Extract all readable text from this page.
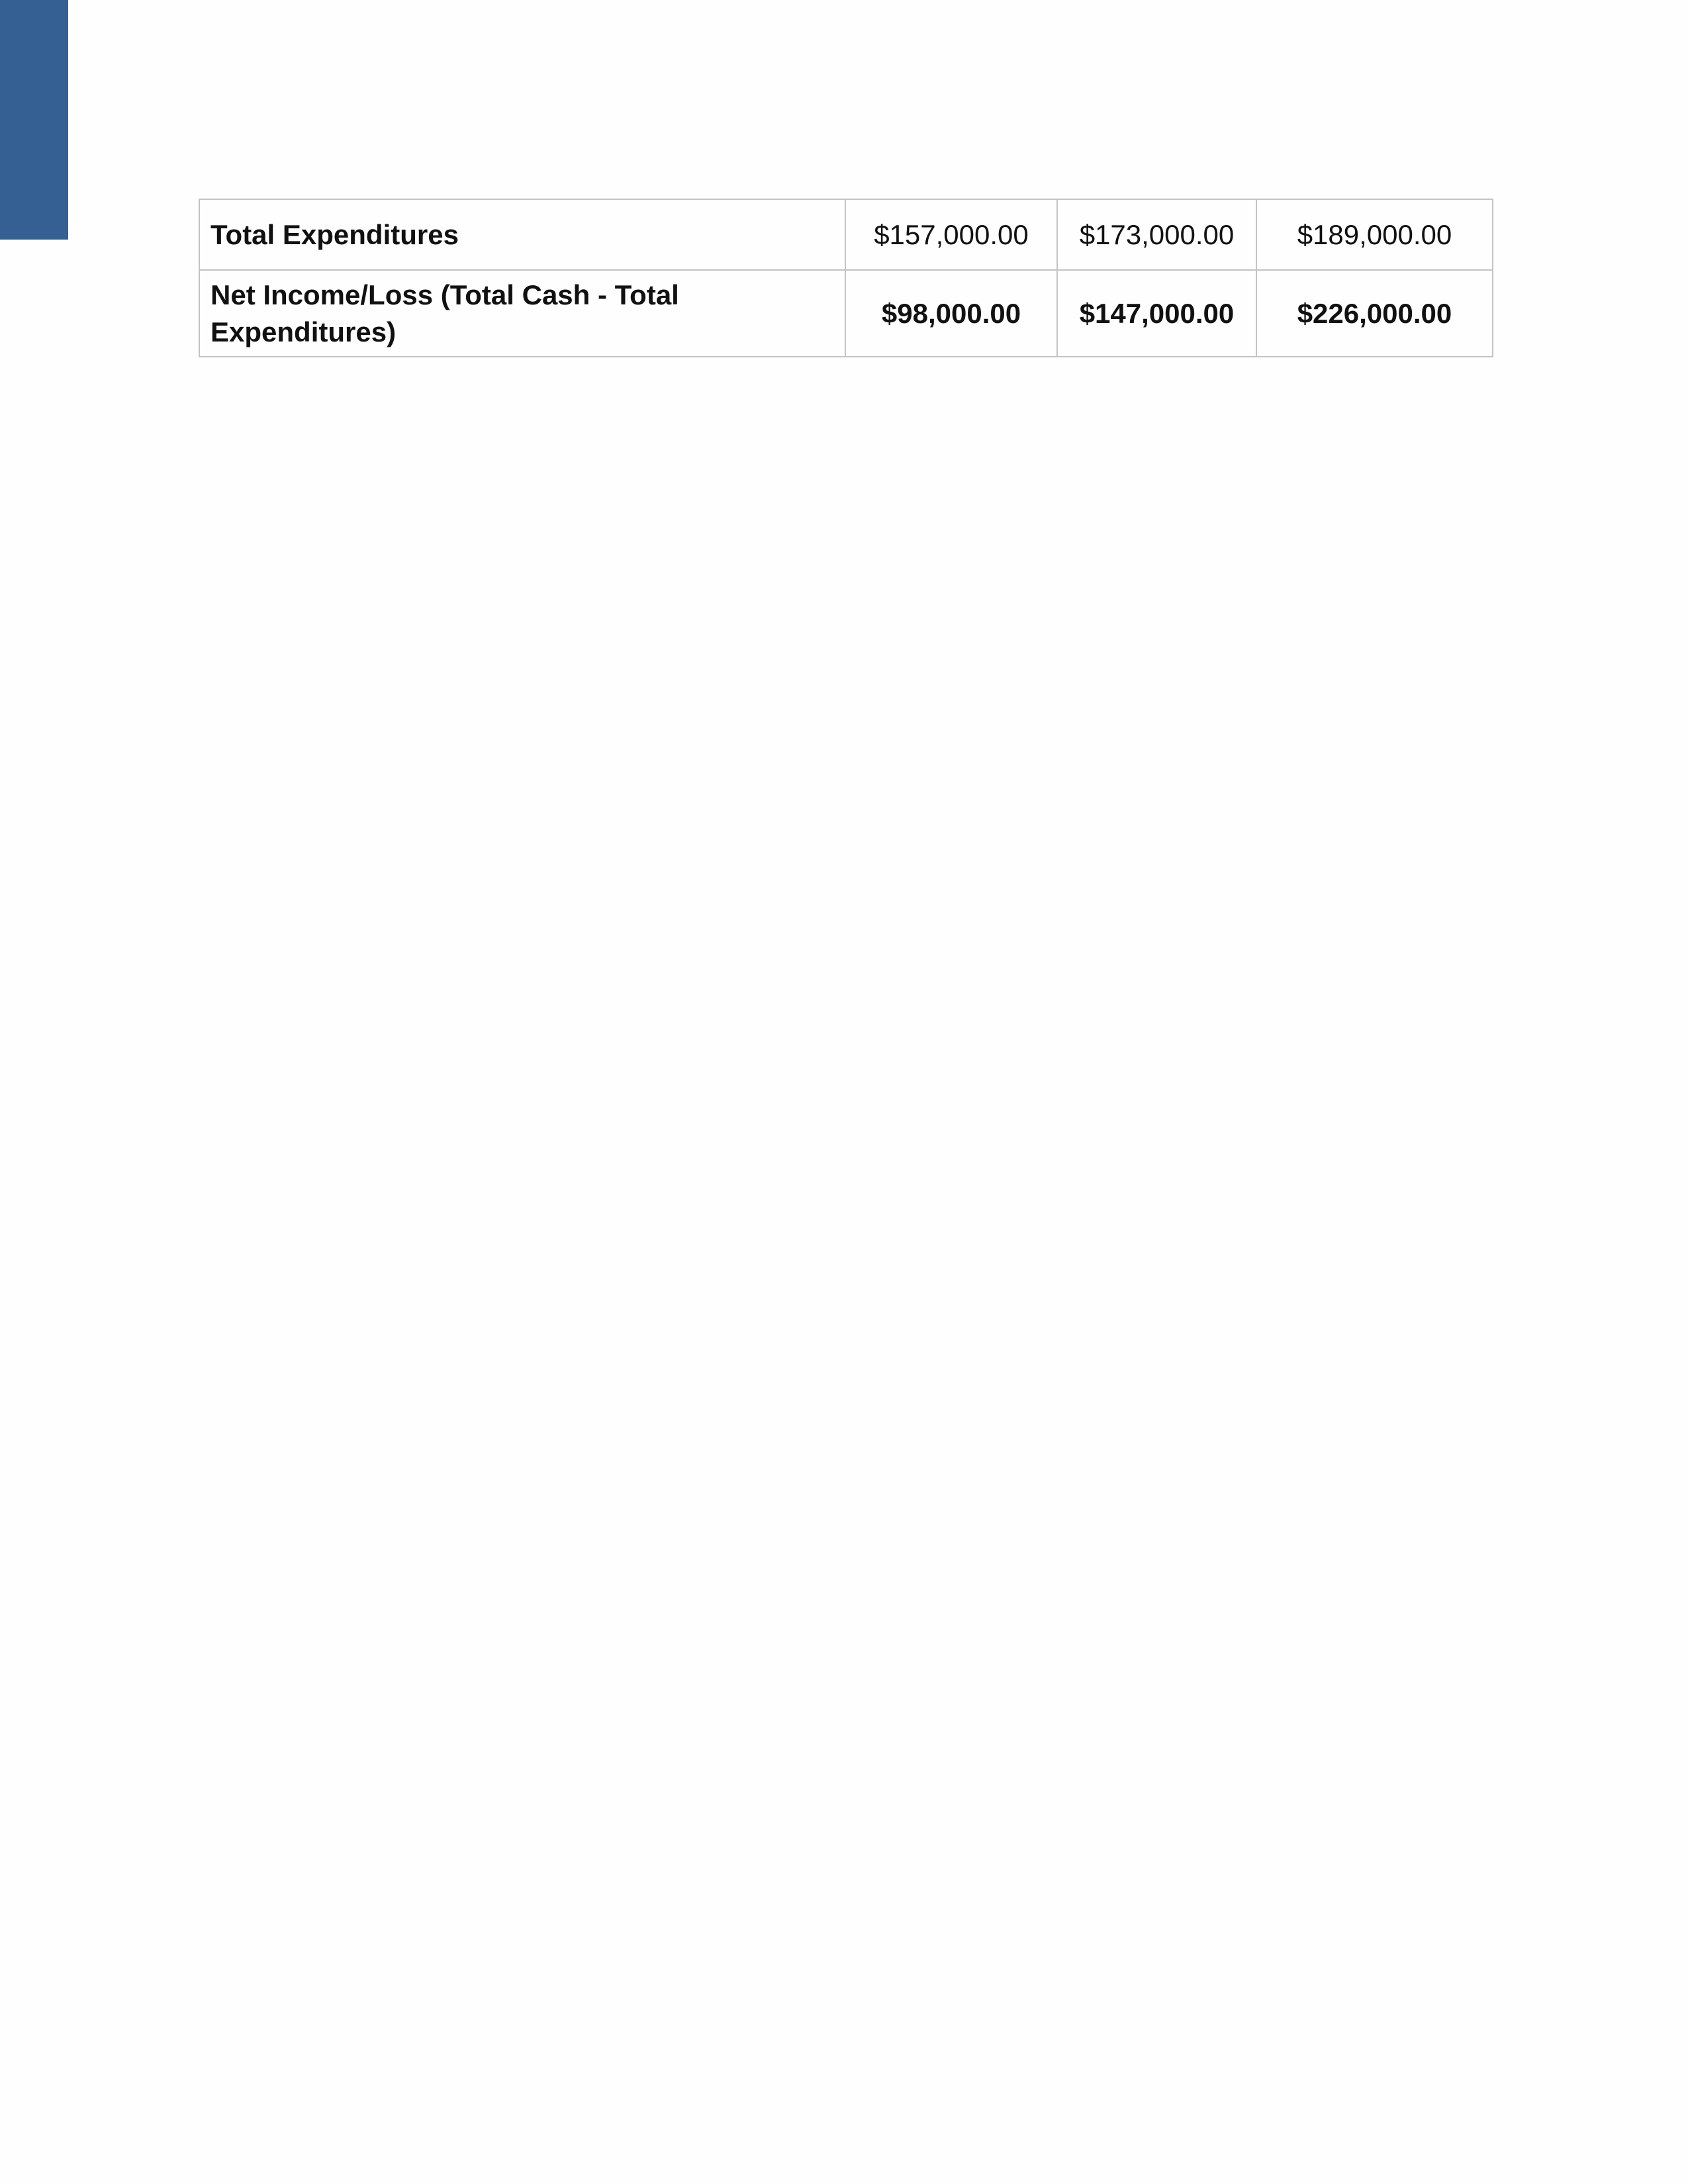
Total Expenditures	$157,000.00	$173,000.00	$189,000.00
Net Income/Loss (Total Cash - Total Expenditures)	$98,000.00	$147,000.00	$226,000.00
